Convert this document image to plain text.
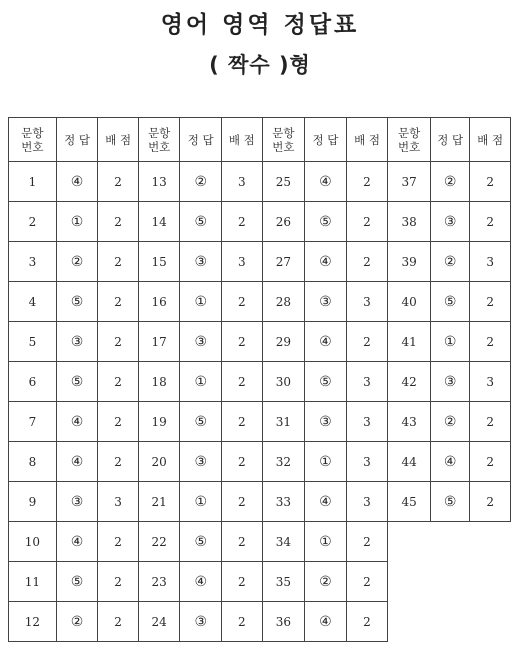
영어 영역 정답표
( 짝수 )형
문항
번호	정 답	배 점	문항
번호	정 답	배 점	문항
번호	정 답	배 점	문항
번호	정 답	배 점
1	④	2	13	②	3	25	④	2	37	②	2
2	①	2	14	⑤	2	26	⑤	2	38	③	2
3	②	2	15	③	3	27	④	2	39	②	3
4	⑤	2	16	①	2	28	③	3	40	⑤	2
5	③	2	17	③	2	29	④	2	41	①	2
6	⑤	2	18	①	2	30	⑤	3	42	③	3
7	④	2	19	⑤	2	31	③	3	43	②	2
8	④	2	20	③	2	32	①	3	44	④	2
9	③	3	21	①	2	33	④	3	45	⑤	2
10	④	2	22	⑤	2	34	①	2			
11	⑤	2	23	④	2	35	②	2			
12	②	2	24	③	2	36	④	2			
